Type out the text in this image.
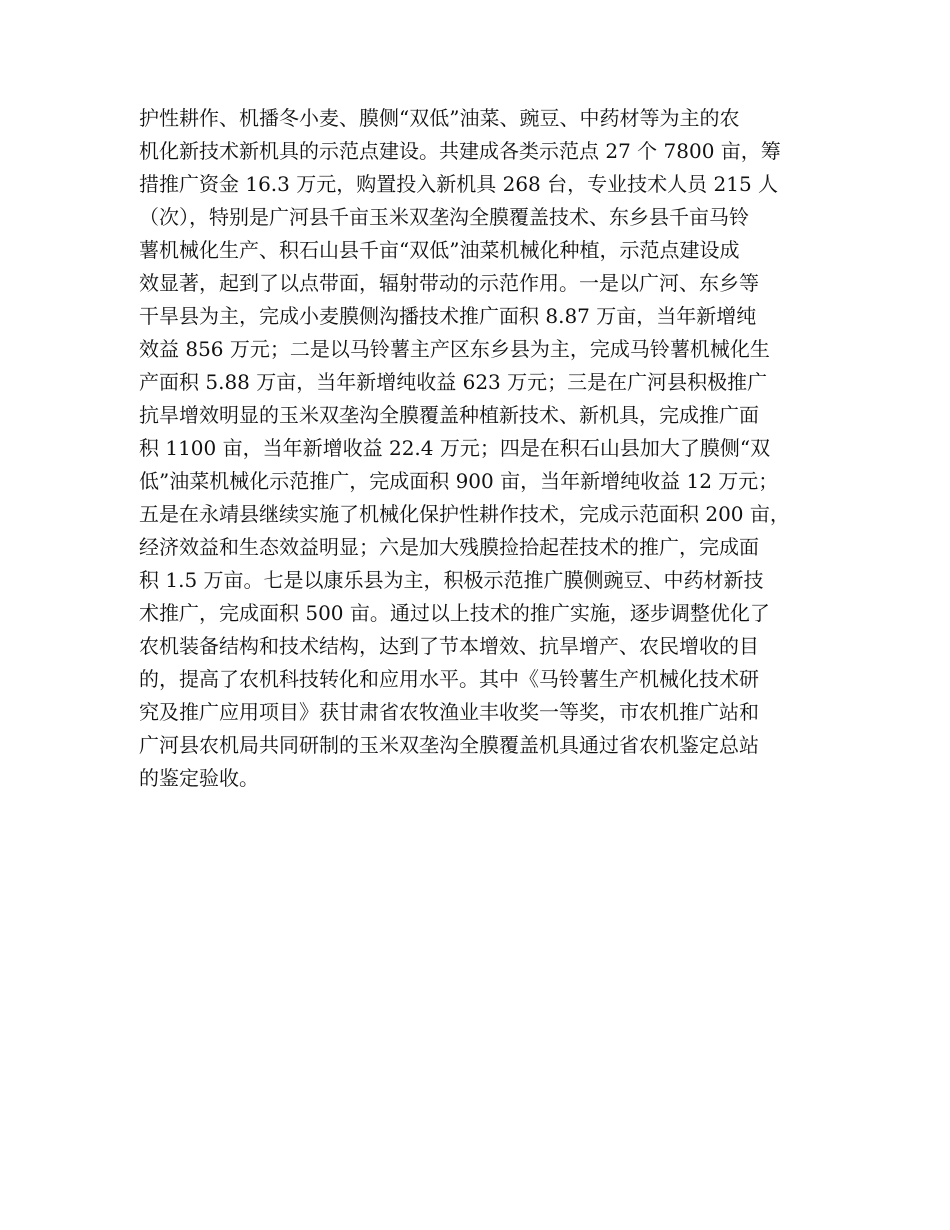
护性耕作、机播冬小麦、膜侧“双低”油菜、豌豆、中药材等为主的农
机化新技术新机具的示范点建设。共建成各类示范点 27 个 7800 亩，筹
措推广资金 16.3 万元，购置投入新机具 268 台，专业技术人员 215 人
（次），特别是广河县千亩玉米双垄沟全膜覆盖技术、东乡县千亩马铃
薯机械化生产、积石山县千亩“双低”油菜机械化种植，示范点建设成
效显著，起到了以点带面，辐射带动的示范作用。一是以广河、东乡等
干旱县为主，完成小麦膜侧沟播技术推广面积 8.87 万亩，当年新增纯
效益 856 万元；二是以马铃薯主产区东乡县为主，完成马铃薯机械化生
产面积 5.88 万亩，当年新增纯收益 623 万元；三是在广河县积极推广
抗旱增效明显的玉米双垄沟全膜覆盖种植新技术、新机具，完成推广面
积 1100 亩，当年新增收益 22.4 万元；四是在积石山县加大了膜侧“双
低”油菜机械化示范推广，完成面积 900 亩，当年新增纯收益 12 万元；
五是在永靖县继续实施了机械化保护性耕作技术，完成示范面积 200 亩，
经济效益和生态效益明显；六是加大残膜捡拾起茬技术的推广，完成面
积 1.5 万亩。七是以康乐县为主，积极示范推广膜侧豌豆、中药材新技
术推广，完成面积 500 亩。通过以上技术的推广实施，逐步调整优化了
农机装备结构和技术结构，达到了节本增效、抗旱增产、农民增收的目
的，提高了农机科技转化和应用水平。其中《马铃薯生产机械化技术研
究及推广应用项目》获甘肃省农牧渔业丰收奖一等奖，市农机推广站和
广河县农机局共同研制的玉米双垄沟全膜覆盖机具通过省农机鉴定总站
的鉴定验收。
